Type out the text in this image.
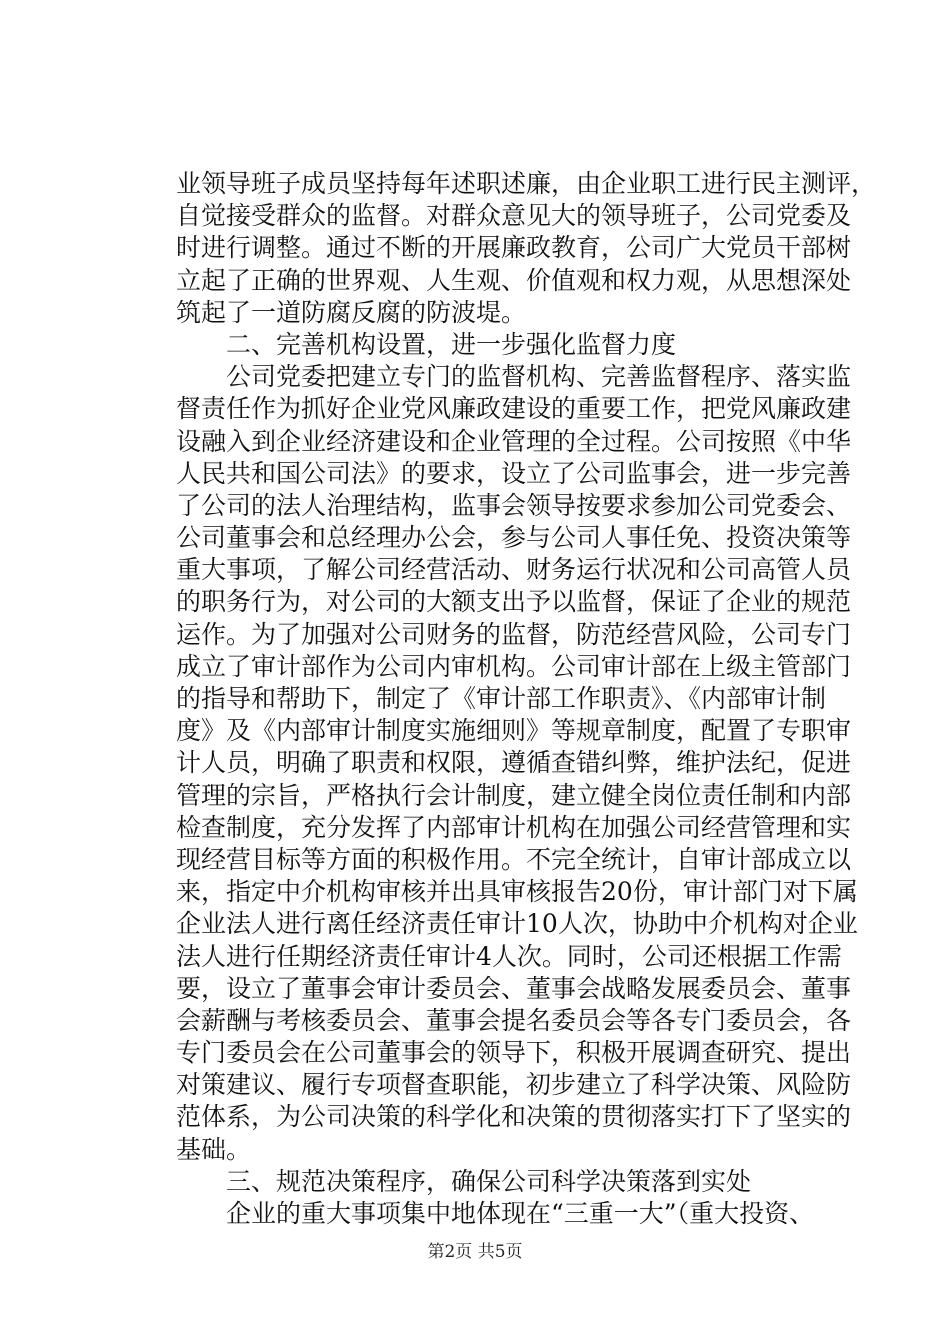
业领导班子成员坚持每年述职述廉，由企业职工进行民主测评，
自觉接受群众的监督。对群众意见大的领导班子，公司党委及
时进行调整。通过不断的开展廉政教育，公司广大党员干部树
立起了正确的世界观、人生观、价值观和权力观，从思想深处
筑起了一道防腐反腐的防波堤。
　　二、完善机构设置，进一步强化监督力度
　　公司党委把建立专门的监督机构、完善监督程序、落实监
督责任作为抓好企业党风廉政建设的重要工作，把党风廉政建
设融入到企业经济建设和企业管理的全过程。公司按照《中华
人民共和国公司法》的要求，设立了公司监事会，进一步完善
了公司的法人治理结构，监事会领导按要求参加公司党委会、
公司董事会和总经理办公会，参与公司人事任免、投资决策等
重大事项，了解公司经营活动、财务运行状况和公司高管人员
的职务行为，对公司的大额支出予以监督，保证了企业的规范
运作。为了加强对公司财务的监督，防范经营风险，公司专门
成立了审计部作为公司内审机构。公司审计部在上级主管部门
的指导和帮助下，制定了《审计部工作职责》、《内部审计制
度》及《内部审计制度实施细则》等规章制度，配置了专职审
计人员，明确了职责和权限，遵循查错纠弊，维护法纪，促进
管理的宗旨，严格执行会计制度，建立健全岗位责任制和内部
检查制度，充分发挥了内部审计机构在加强公司经营管理和实
现经营目标等方面的积极作用。不完全统计，自审计部成立以
来，指定中介机构审核并出具审核报告20份，审计部门对下属
企业法人进行离任经济责任审计10人次，协助中介机构对企业
法人进行任期经济责任审计4人次。同时，公司还根据工作需
要，设立了董事会审计委员会、董事会战略发展委员会、董事
会薪酬与考核委员会、董事会提名委员会等各专门委员会，各
专门委员会在公司董事会的领导下，积极开展调查研究、提出
对策建议、履行专项督查职能，初步建立了科学决策、风险防
范体系，为公司决策的科学化和决策的贯彻落实打下了坚实的
基础。
　　三、规范决策程序，确保公司科学决策落到实处
　　企业的重大事项集中地体现在“三重一大”（重大投资、
第2页 共5页
